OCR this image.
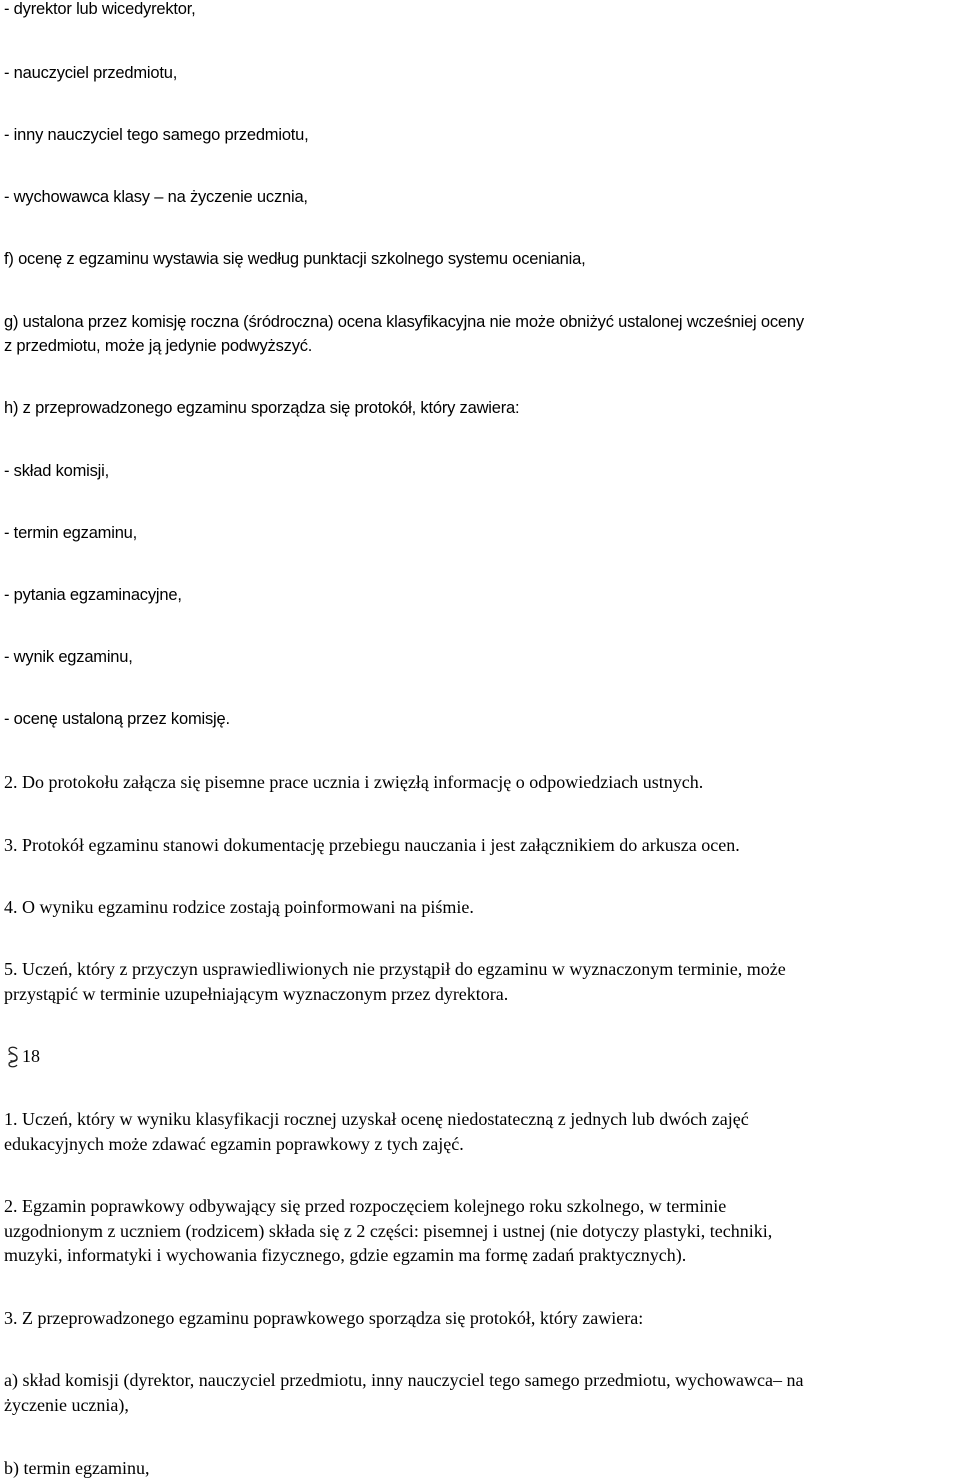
- dyrektor lub wicedyrektor,

- nauczyciel przedmiotu,

- inny nauczyciel tego samego przedmiotu,

- wychowawca klasy – na życzenie ucznia,

f) ocenę z egzaminu wystawia się według punktacji szkolnego systemu oceniania,

g) ustalona przez komisję roczna (śródroczna) ocena klasyfikacyjna nie może obniżyć ustalonej wcześniej oceny

z przedmiotu, może ją jedynie podwyższyć.

h) z przeprowadzonego egzaminu sporządza się protokół, który zawiera:

- skład komisji,

- termin egzaminu,

- pytania egzaminacyjne,

- wynik egzaminu,

- ocenę ustaloną przez komisję.

2. Do protokołu załącza się pisemne prace ucznia i zwięzłą informację o odpowiedziach ustnych.

3. Protokół egzaminu stanowi dokumentację przebiegu nauczania i jest załącznikiem do arkusza ocen.

4. O wyniku egzaminu rodzice zostają poinformowani na piśmie.

5. Uczeń, który z przyczyn usprawiedliwionych nie przystąpił do egzaminu w wyznaczonym terminie, może

przystąpić w terminie uzupełniającym wyznaczonym przez dyrektora.

18

1. Uczeń, który w wyniku klasyfikacji rocznej uzyskał ocenę niedostateczną z jednych lub dwóch zajęć

edukacyjnych może zdawać egzamin poprawkowy z tych zajęć.

2. Egzamin poprawkowy odbywający się przed rozpoczęciem kolejnego roku szkolnego, w terminie

uzgodnionym z uczniem (rodzicem) składa się z 2 części: pisemnej i ustnej (nie dotyczy plastyki, techniki,

muzyki, informatyki i wychowania fizycznego, gdzie egzamin ma formę zadań praktycznych).

3. Z przeprowadzonego egzaminu poprawkowego sporządza się protokół, który zawiera:

a) skład komisji (dyrektor, nauczyciel przedmiotu, inny nauczyciel tego samego przedmiotu, wychowawca– na

życzenie ucznia),

b) termin egzaminu,
